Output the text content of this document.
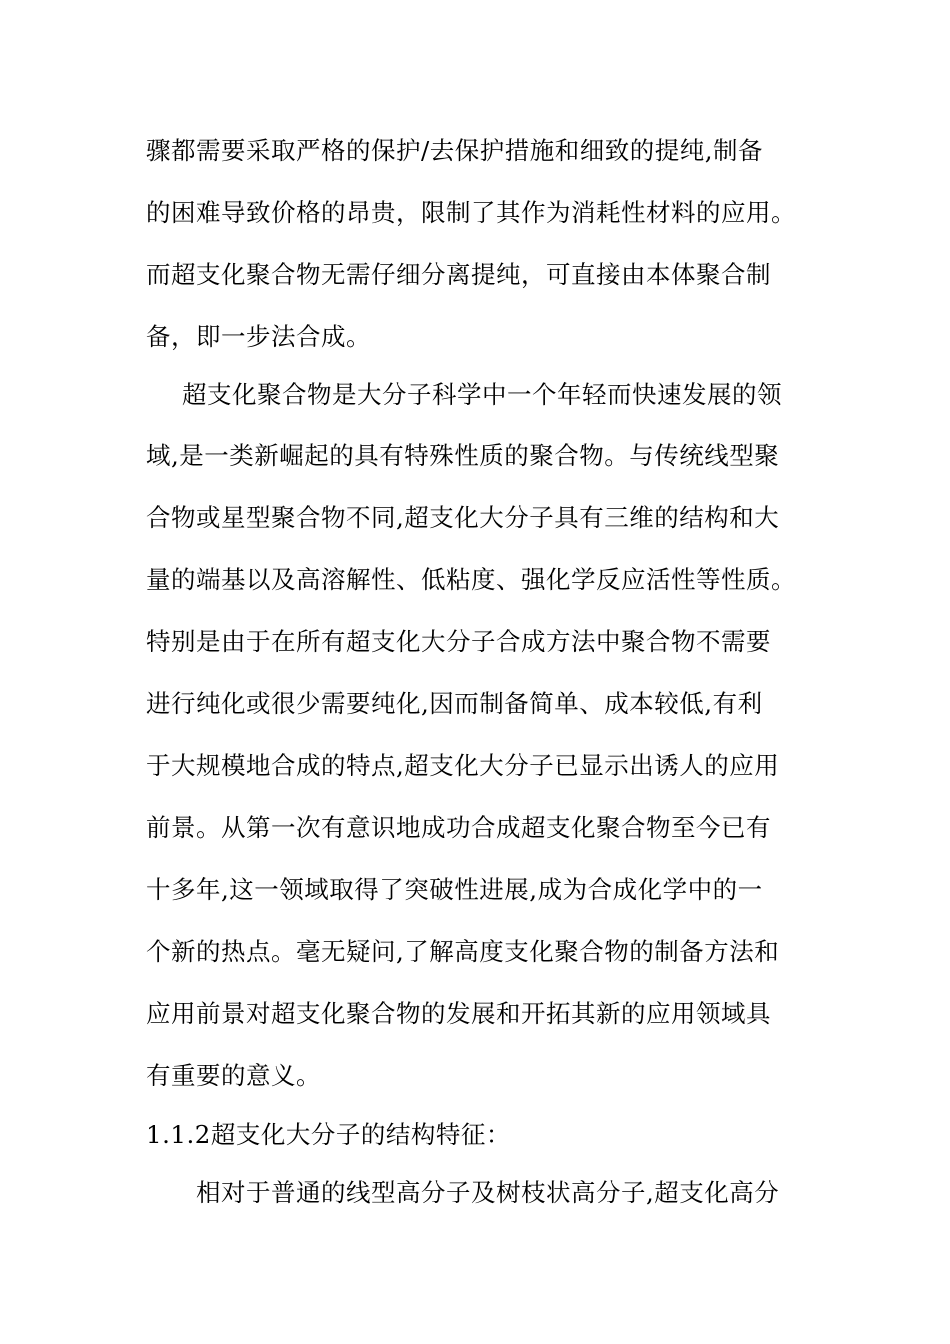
骤都需要采取严格的保护/去保护措施和细致的提纯,制备
的困难导致价格的昂贵，限制了其作为消耗性材料的应用。
而超支化聚合物无需仔细分离提纯，可直接由本体聚合制
备，即一步法合成。
超支化聚合物是大分子科学中一个年轻而快速发展的领
域,是一类新崛起的具有特殊性质的聚合物。与传统线型聚
合物或星型聚合物不同,超支化大分子具有三维的结构和大
量的端基以及高溶解性、低粘度、强化学反应活性等性质。
特别是由于在所有超支化大分子合成方法中聚合物不需要
进行纯化或很少需要纯化,因而制备简单、成本较低,有利
于大规模地合成的特点,超支化大分子已显示出诱人的应用
前景。从第一次有意识地成功合成超支化聚合物至今已有
十多年,这一领域取得了突破性进展,成为合成化学中的一
个新的热点。毫无疑问,了解高度支化聚合物的制备方法和
应用前景对超支化聚合物的发展和开拓其新的应用领域具
有重要的意义。
1.1.2超支化大分子的结构特征：
相对于普通的线型高分子及树枝状高分子,超支化高分
